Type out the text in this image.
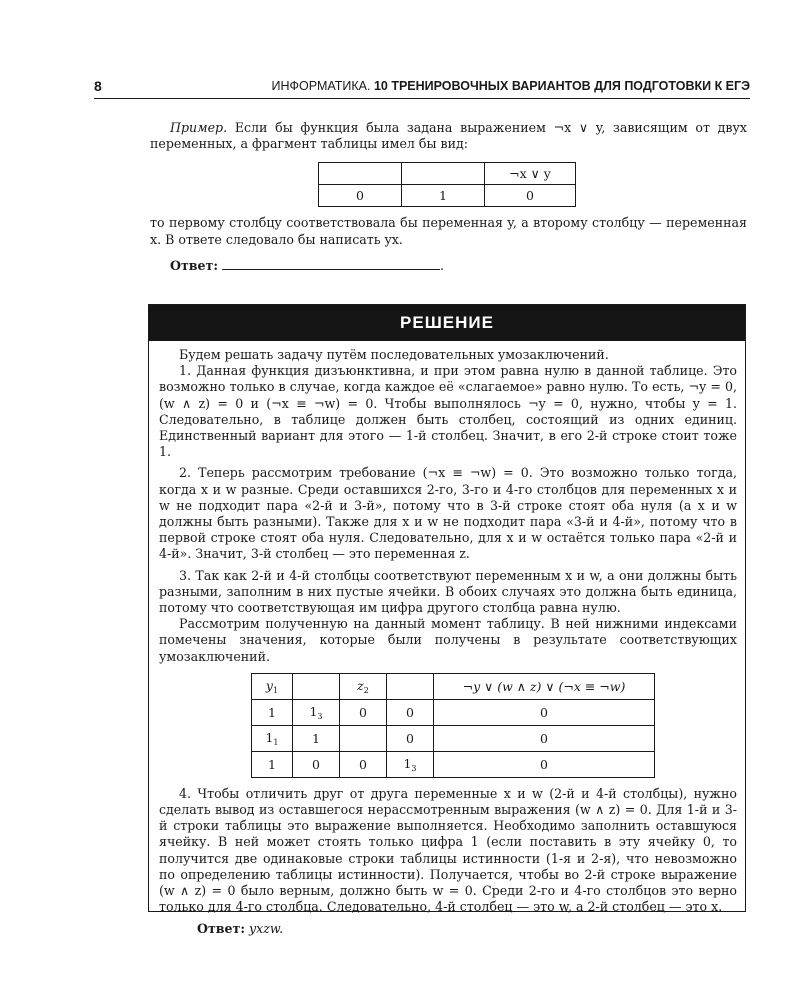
8	ИНФОРМАТИКА. 10 ТРЕНИРОВОЧНЫХ ВАРИАНТОВ ДЛЯ ПОДГОТОВКИ К ЕГЭ

Пример. Если бы функция была задана выражением ¬x ∨ y, зависящим от двух переменных, а фрагмент таблицы имел бы вид:

		¬x ∨ y
0	1	0

то первому столбцу соответствовала бы переменная y, а второму столбцу — переменная x. В ответе следовало бы написать yx.

Ответ:	.

РЕШЕНИЕ

Будем решать задачу путём последовательных умозаключений.

1. Данная функция дизъюнктивна, и при этом равна нулю в данной таблице. Это возможно только в случае, когда каждое её «слагаемое» равно нулю. То есть, ¬y = 0, (w ∧ z) = 0 и (¬x ≡ ¬w) = 0. Чтобы выполнялось ¬y = 0, нужно, чтобы y = 1. Следовательно, в таблице должен быть столбец, состоящий из одних единиц. Единственный вариант для этого — 1-й столбец. Значит, в его 2-й строке стоит тоже 1.

2. Теперь рассмотрим требование (¬x ≡ ¬w) = 0. Это возможно только тогда, когда x и w разные. Среди оставшихся 2-го, 3-го и 4-го столбцов для переменных x и w не подходит пара «2-й и 3-й», потому что в 3-й строке стоят оба нуля (а x и w должны быть разными). Также для x и w не подходит пара «3-й и 4-й», потому что в первой строке стоят оба нуля. Следовательно, для x и w остаётся только пара «2-й и 4-й». Значит, 3-й столбец — это переменная z.

3. Так как 2-й и 4-й столбцы соответствуют переменным x и w, а они должны быть разными, заполним в них пустые ячейки. В обоих случаях это должна быть единица, потому что соответствующая им цифра другого столбца равна нулю.

Рассмотрим полученную на данный момент таблицу. В ней нижними индексами помечены значения, которые были получены в результате соответствующих умозаключений.

$y_1$		$z_2$		¬y ∨ (w ∧ z) ∨ (¬x ≡ ¬w)
1	$1_3$	0	0	0
$1_1$	1		0	0
1	0	0	$1_3$	0

4. Чтобы отличить друг от друга переменные x и w (2-й и 4-й столбцы), нужно сделать вывод из оставшегося нерассмотренным выражения (w ∧ z) = 0. Для 1-й и 3-й строки таблицы это выражение выполняется. Необходимо заполнить оставшуюся ячейку. В ней может стоять только цифра 1 (если поставить в эту ячейку 0, то получится две одинаковые строки таблицы истинности (1-я и 2-я), что невозможно по определению таблицы истинности). Получается, чтобы во 2-й строке выражение (w ∧ z) = 0 было верным, должно быть w = 0. Среди 2-го и 4-го столбцов это верно только для 4-го столбца. Следовательно, 4-й столбец — это w, а 2-й столбец — это x.

Ответ: yxzw.
